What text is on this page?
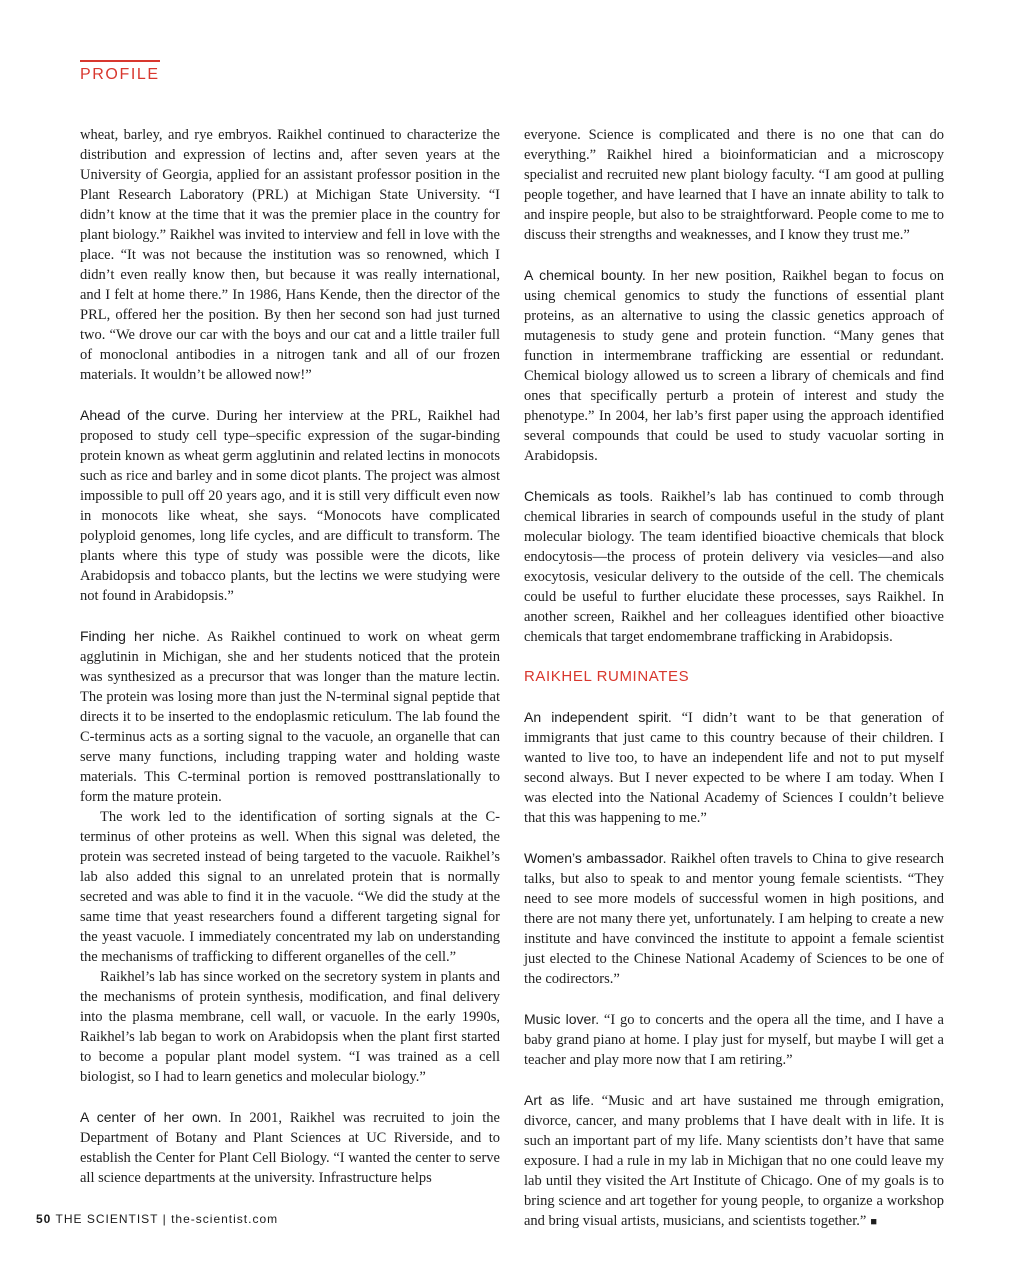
PROFILE

wheat, barley, and rye embryos. Raikhel continued to characterize the distribution and expression of lectins and, after seven years at the University of Georgia, applied for an assistant professor position in the Plant Research Laboratory (PRL) at Michigan State University. “I didn’t know at the time that it was the premier place in the country for plant biology.” Raikhel was invited to interview and fell in love with the place. “It was not because the institution was so renowned, which I didn’t even really know then, but because it was really international, and I felt at home there.” In 1986, Hans Kende, then the director of the PRL, offered her the position. By then her second son had just turned two. “We drove our car with the boys and our cat and a little trailer full of monoclonal antibodies in a nitrogen tank and all of our frozen materials. It wouldn’t be allowed now!”

Ahead of the curve. During her interview at the PRL, Raikhel had proposed to study cell type–specific expression of the sugar-binding protein known as wheat germ agglutinin and related lectins in monocots such as rice and barley and in some dicot plants. The project was almost impossible to pull off 20 years ago, and it is still very difficult even now in monocots like wheat, she says. “Monocots have complicated polyploid genomes, long life cycles, and are difficult to transform. The plants where this type of study was possible were the dicots, like Arabidopsis and tobacco plants, but the lectins we were studying were not found in Arabidopsis.”

Finding her niche. As Raikhel continued to work on wheat germ agglutinin in Michigan, she and her students noticed that the protein was synthesized as a precursor that was longer than the mature lectin. The protein was losing more than just the N-terminal signal peptide that directs it to be inserted to the endoplasmic reticulum. The lab found the C-terminus acts as a sorting signal to the vacuole, an organelle that can serve many functions, including trapping water and holding waste materials. This C-terminal portion is removed posttranslationally to form the mature protein.

The work led to the identification of sorting signals at the C-terminus of other proteins as well. When this signal was deleted, the protein was secreted instead of being targeted to the vacuole. Raikhel’s lab also added this signal to an unrelated protein that is normally secreted and was able to find it in the vacuole. “We did the study at the same time that yeast researchers found a different targeting signal for the yeast vacuole. I immediately concentrated my lab on understanding the mechanisms of trafficking to different organelles of the cell.”

Raikhel’s lab has since worked on the secretory system in plants and the mechanisms of protein synthesis, modification, and final delivery into the plasma membrane, cell wall, or vacuole. In the early 1990s, Raikhel’s lab began to work on Arabidopsis when the plant first started to become a popular plant model system. “I was trained as a cell biologist, so I had to learn genetics and molecular biology.”

A center of her own. In 2001, Raikhel was recruited to join the Department of Botany and Plant Sciences at UC Riverside, and to establish the Center for Plant Cell Biology. “I wanted the center to serve all science departments at the university. Infrastructure helps

everyone. Science is complicated and there is no one that can do everything.” Raikhel hired a bioinformatician and a microscopy specialist and recruited new plant biology faculty. “I am good at pulling people together, and have learned that I have an innate ability to talk to and inspire people, but also to be straightforward. People come to me to discuss their strengths and weaknesses, and I know they trust me.”

A chemical bounty. In her new position, Raikhel began to focus on using chemical genomics to study the functions of essential plant proteins, as an alternative to using the classic genetics approach of mutagenesis to study gene and protein function. “Many genes that function in intermembrane trafficking are essential or redundant. Chemical biology allowed us to screen a library of chemicals and find ones that specifically perturb a protein of interest and study the phenotype.” In 2004, her lab’s first paper using the approach identified several compounds that could be used to study vacuolar sorting in Arabidopsis.

Chemicals as tools. Raikhel’s lab has continued to comb through chemical libraries in search of compounds useful in the study of plant molecular biology. The team identified bioactive chemicals that block endocytosis—the process of protein delivery via vesicles—and also exocytosis, vesicular delivery to the outside of the cell. The chemicals could be useful to further elucidate these processes, says Raikhel. In another screen, Raikhel and her colleagues identified other bioactive chemicals that target endomembrane trafficking in Arabidopsis.

RAIKHEL RUMINATES

An independent spirit. “I didn’t want to be that generation of immigrants that just came to this country because of their children. I wanted to live too, to have an independent life and not to put myself second always. But I never expected to be where I am today. When I was elected into the National Academy of Sciences I couldn’t believe that this was happening to me.”

Women’s ambassador. Raikhel often travels to China to give research talks, but also to speak to and mentor young female scientists. “They need to see more models of successful women in high positions, and there are not many there yet, unfortunately. I am helping to create a new institute and have convinced the institute to appoint a female scientist just elected to the Chinese National Academy of Sciences to be one of the codirectors.”

Music lover. “I go to concerts and the opera all the time, and I have a baby grand piano at home. I play just for myself, but maybe I will get a teacher and play more now that I am retiring.”

Art as life. “Music and art have sustained me through emigration, divorce, cancer, and many problems that I have dealt with in life. It is such an important part of my life. Many scientists don’t have that same exposure. I had a rule in my lab in Michigan that no one could leave my lab until they visited the Art Institute of Chicago. One of my goals is to bring science and art together for young people, to organize a workshop and bring visual artists, musicians, and scientists together.” ■

50 THE SCIENTIST | the-scientist.com
